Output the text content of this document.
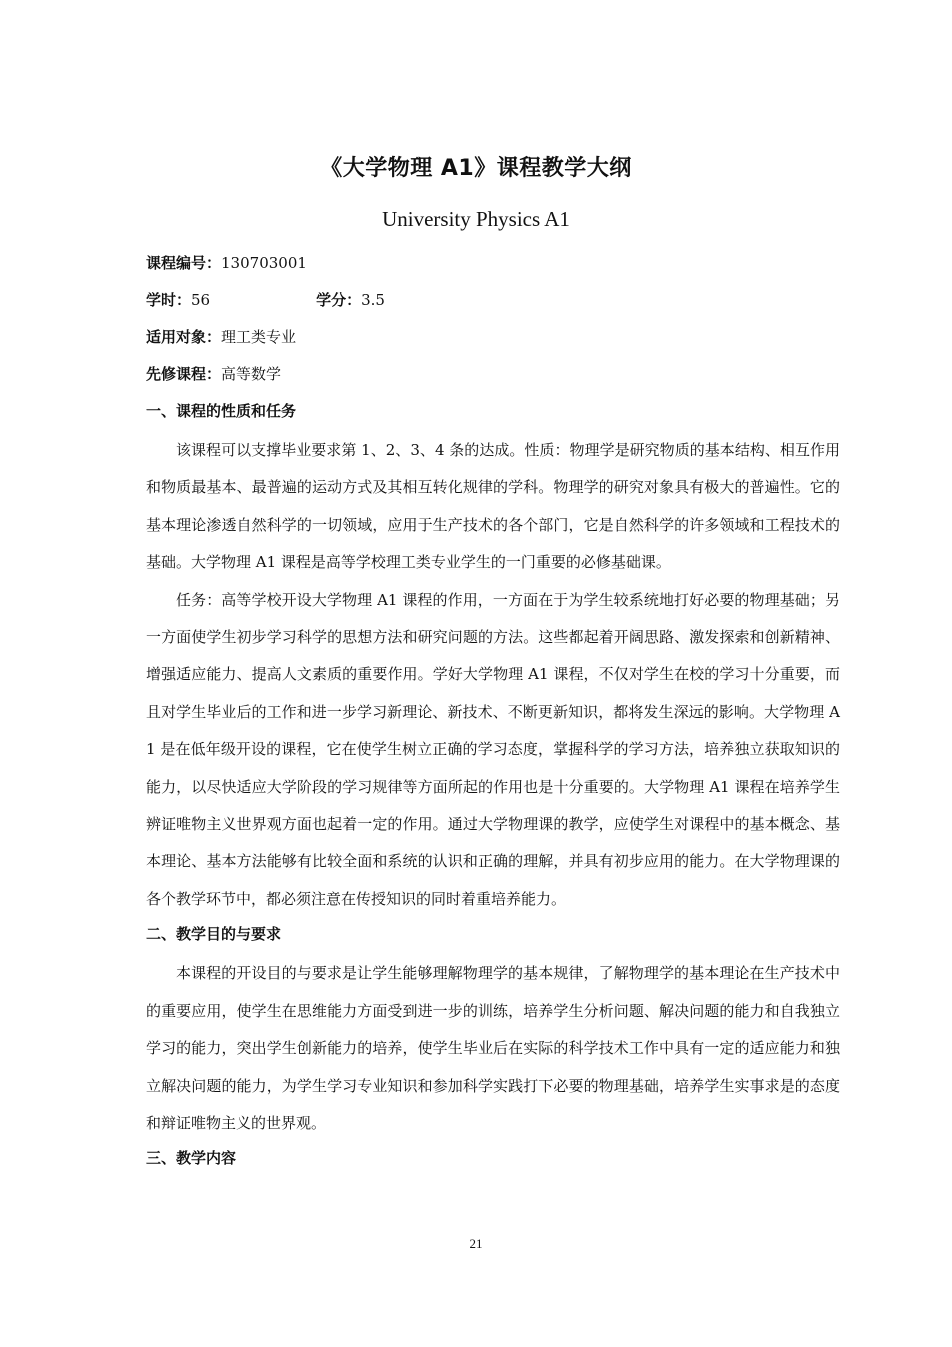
《大学物理 A1》课程教学大纲
University Physics A1
课程编号：130703001
学时：56	学分：3.5
适用对象：理工类专业
先修课程：高等数学
一、课程的性质和任务

该课程可以支撑毕业要求第 1、2、3、4 条的达成。性质：物理学是研究物质的基本结构、相互作用和物质最基本、最普遍的运动方式及其相互转化规律的学科。物理学的研究对象具有极大的普遍性。它的基本理论渗透自然科学的一切领域，应用于生产技术的各个部门，它是自然科学的许多领域和工程技术的基础。大学物理 A1 课程是高等学校理工类专业学生的一门重要的必修基础课。

任务：高等学校开设大学物理 A1 课程的作用，一方面在于为学生较系统地打好必要的物理基础；另一方面使学生初步学习科学的思想方法和研究问题的方法。这些都起着开阔思路、激发探索和创新精神、增强适应能力、提高人文素质的重要作用。学好大学物理 A1 课程，不仅对学生在校的学习十分重要，而且对学生毕业后的工作和进一步学习新理论、新技术、不断更新知识，都将发生深远的影响。大学物理 A1 是在低年级开设的课程，它在使学生树立正确的学习态度，掌握科学的学习方法，培养独立获取知识的能力，以尽快适应大学阶段的学习规律等方面所起的作用也是十分重要的。大学物理 A1 课程在培养学生辨证唯物主义世界观方面也起着一定的作用。通过大学物理课的教学，应使学生对课程中的基本概念、基本理论、基本方法能够有比较全面和系统的认识和正确的理解，并具有初步应用的能力。在大学物理课的各个教学环节中，都必须注意在传授知识的同时着重培养能力。

二、教学目的与要求

本课程的开设目的与要求是让学生能够理解物理学的基本规律，了解物理学的基本理论在生产技术中的重要应用，使学生在思维能力方面受到进一步的训练，培养学生分析问题、解决问题的能力和自我独立学习的能力，突出学生创新能力的培养，使学生毕业后在实际的科学技术工作中具有一定的适应能力和独立解决问题的能力，为学生学习专业知识和参加科学实践打下必要的物理基础，培养学生实事求是的态度和辩证唯物主义的世界观。

三、教学内容
21
